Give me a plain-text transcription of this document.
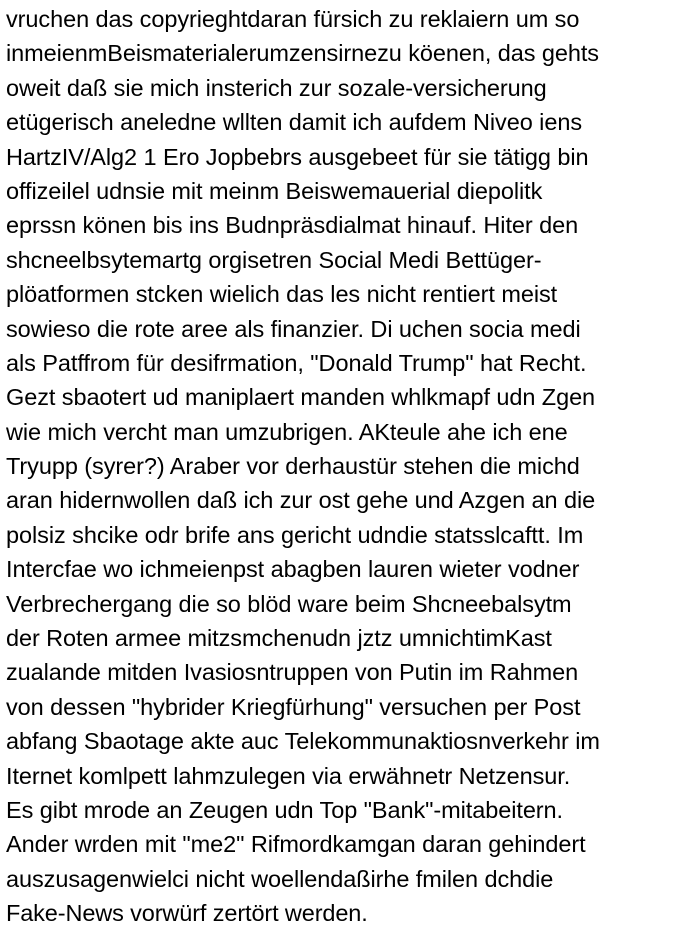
vruchen das copyrieghtdaran fürsich zu reklaiern um so
inmeienmBeismaterialerumzensirnezu köenen, das gehts
oweit daß sie mich insterich zur sozale-versicherung
etügerisch aneledne wllten damit ich aufdem Niveo iens
HartzIV/Alg2 1 Ero Jopbebrs ausgebeet für sie tätigg bin
offizeilel udnsie mit meinm Beiswemauerial diepolitk
eprssn könen bis ins Budnpräsdialmat hinauf. Hiter den
shcneelbsytemartg orgisetren Social Medi Bettüger-
plöatformen stcken wielich das les nicht rentiert meist
sowieso die rote aree als finanzier. Di uchen socia medi
als Patffrom für desifrmation, "Donald Trump" hat Recht.
Gezt sbaotert ud maniplaert manden whlkmapf udn Zgen
wie mich vercht man umzubrigen. AKteule ahe ich ene
Tryupp (syrer?) Araber vor derhaustür stehen die michd
aran hidernwollen daß ich zur ost gehe und Azgen an die
polsiz shcike odr brife ans gericht udndie statsslcaftt. Im
Intercfae wo ichmeienpst abagben lauren wieter vodner
Verbrechergang die so blöd ware beim Shcneebalsytm
der Roten armee mitzsmchenudn jztz umnichtimKast
zualande mitden Ivasiosntruppen von Putin im Rahmen
von dessen "hybrider Kriegfürhung" versuchen per Post
abfang Sbaotage akte auc Telekommunaktiosnverkehr im
Iternet komlpett lahmzulegen via erwähnetr Netzensur.
Es gibt mrode an Zeugen udn Top "Bank"-mitabeitern.
Ander wrden mit "me2" Rifmordkamgan daran gehindert
auszusagenwielci nicht woellendaßirhe fmilen dchdie
Fake-News vorwürf zertört werden.
